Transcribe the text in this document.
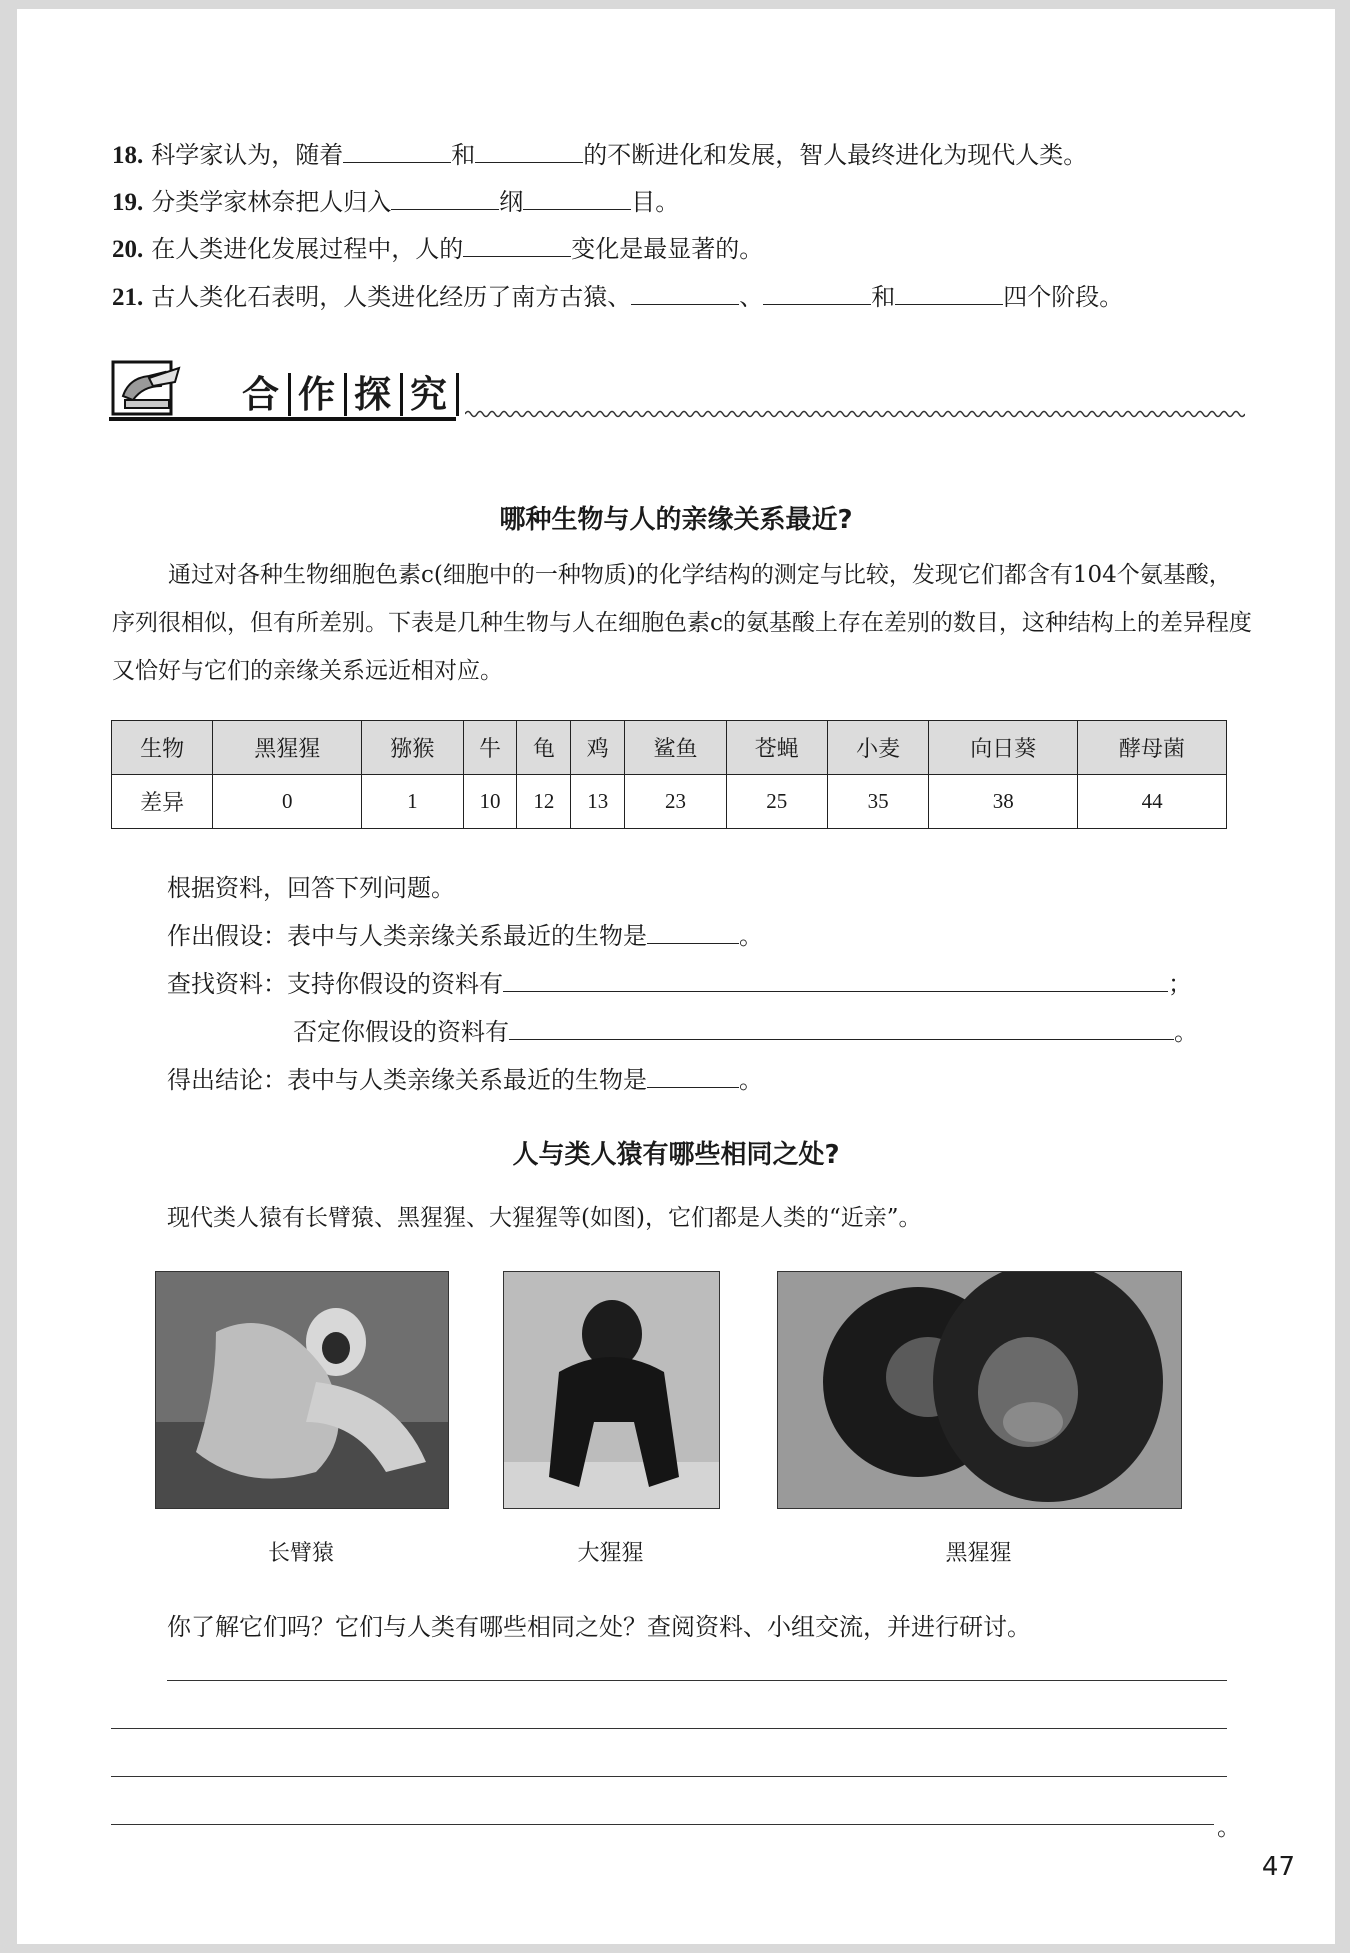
18. 科学家认为，随着	和	的不断进化和发展，智人最终进化为现代人类。
19. 分类学家林奈把人归入	纲	目。
20. 在人类进化发展过程中，人的	变化是最显著的。
21. 古人类化石表明，人类进化经历了南方古猿、	、	和	四个阶段。
合 作 探 究
哪种生物与人的亲缘关系最近?
通过对各种生物细胞色素c(细胞中的一种物质)的化学结构的测定与比较，发现它们都含有104个氨基酸，序列很相似，但有所差别。下表是几种生物与人在细胞色素c的氨基酸上存在差别的数目，这种结构上的差异程度又恰好与它们的亲缘关系远近相对应。
生物	黑猩猩	猕猴	牛	龟	鸡	鲨鱼	苍蝇	小麦	向日葵	酵母菌
差异	0	1	10	12	13	23	25	35	38	44
根据资料，回答下列问题。
作出假设：表中与人类亲缘关系最近的生物是	。
查找资料：支持你假设的资料有	；
否定你假设的资料有	。
得出结论：表中与人类亲缘关系最近的生物是	。
人与类人猿有哪些相同之处?
现代类人猿有长臂猿、黑猩猩、大猩猩等(如图)，它们都是人类的“近亲”。
长臂猿	大猩猩	黑猩猩
你了解它们吗？它们与人类有哪些相同之处？查阅资料、小组交流，并进行研讨。
。
47
